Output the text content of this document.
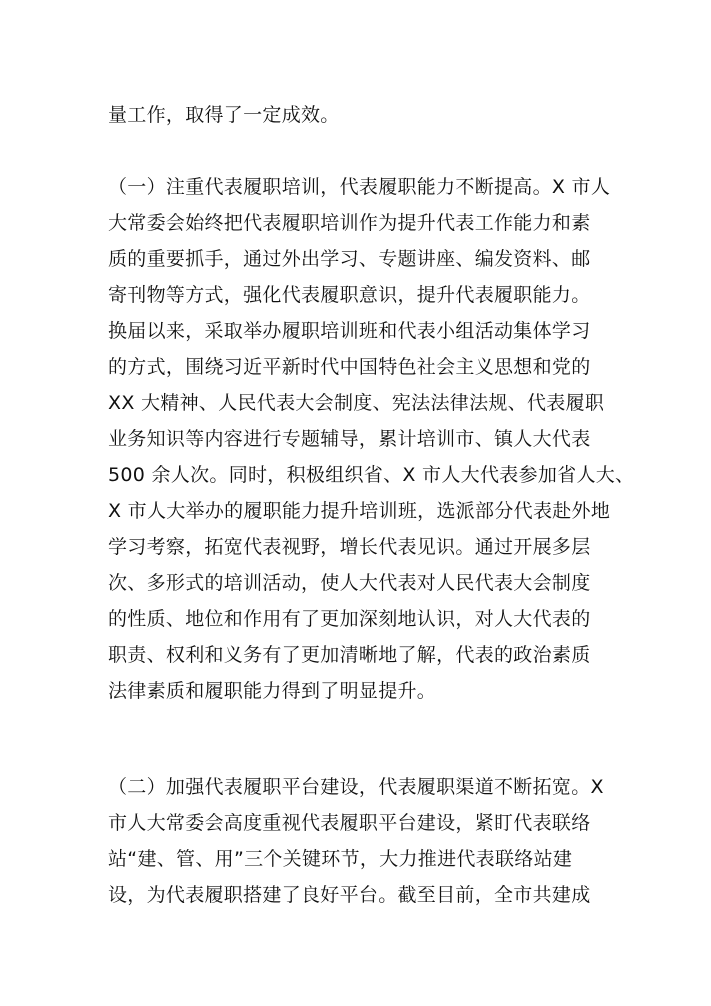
量工作，取得了一定成效。
（一）注重代表履职培训，代表履职能力不断提高。X 市人
大常委会始终把代表履职培训作为提升代表工作能力和素
质的重要抓手，通过外出学习、专题讲座、编发资料、邮
寄刊物等方式，强化代表履职意识，提升代表履职能力。
换届以来，采取举办履职培训班和代表小组活动集体学习
的方式，围绕习近平新时代中国特色社会主义思想和党的
XX 大精神、人民代表大会制度、宪法法律法规、代表履职
业务知识等内容进行专题辅导，累计培训市、镇人大代表
500 余人次。同时，积极组织省、X 市人大代表参加省人大、
X 市人大举办的履职能力提升培训班，选派部分代表赴外地
学习考察，拓宽代表视野，增长代表见识。通过开展多层
次、多形式的培训活动，使人大代表对人民代表大会制度
的性质、地位和作用有了更加深刻地认识，对人大代表的
职责、权利和义务有了更加清晰地了解，代表的政治素质
法律素质和履职能力得到了明显提升。
（二）加强代表履职平台建设，代表履职渠道不断拓宽。X
市人大常委会高度重视代表履职平台建设，紧盯代表联络
站“建、管、用”三个关键环节，大力推进代表联络站建
设，为代表履职搭建了良好平台。截至目前，全市共建成
